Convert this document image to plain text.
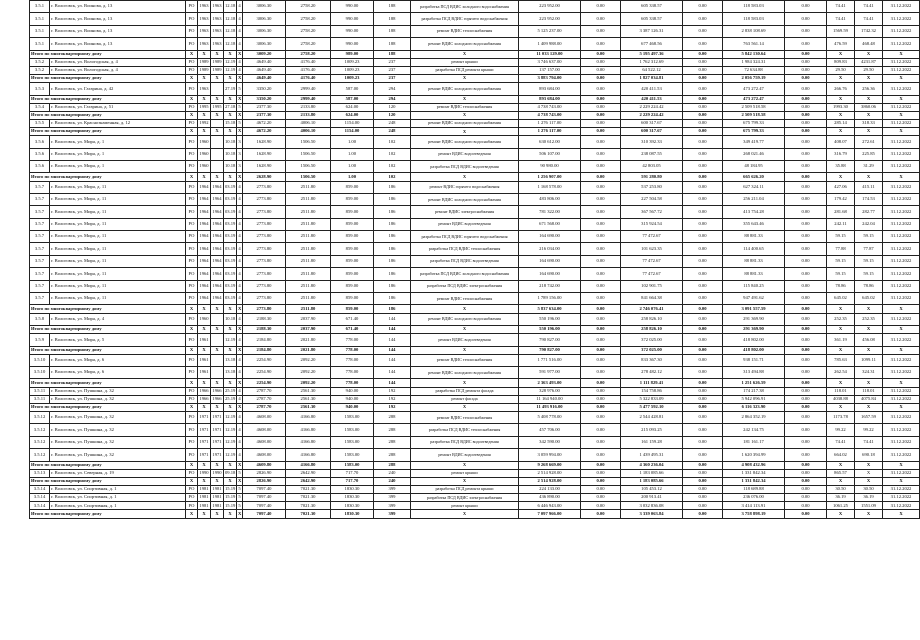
3.5.1	г. Вологовск, ул. Воинова, д. 13	РО	1963	1963	12.18	4	3006.30	2758.20	990.00	188	разработка ПСД ВДИС холодного водоснабжения	223 952.00	0.00	605 338.57	0.00	118 583.03	0.00	74.41	74.41	31.12.2022
3.5.1	г. Вологовск, ул. Воинова, д. 13	РО	1963	1963	12.18	4	3006.30	2758.20	990.00	188	разработка ПСД ВДИС горячего водоснабжения	223 952.00	0.00	605 338.57	0.00	118 583.03	0.00	74.41	74.41	31.12.2022
3.5.1	г. Вологовск, ул. Воинова, д. 13	РО	1963	1963	12.18	4	3006.30	2758.20	990.00	188	ремонт ВДИС теплоснабжения	5 125 237.00	0.00	3 387 126.31	0.00	2 838 108.69	0.00	1569.59	1742.32	31.12.2022
3.5.1	г. Вологовск, ул. Воинова, д. 13	РО	1963	1963	12.18	4	3006.30	2758.20	990.00	188	ремонт ВДИС холодного водоснабжения	1 409 988.00	0.00	677 468.56	0.00	763 561.14	0.00	476.59	468.48	31.12.2022
Итого по многоквартирному дому		X	X	X	X	X	3009.20	2758.20	989.00	188	X	11 033 129.00	0.00	5 195 497.36	0.00	5 842 130.64	0.00	X	X	X
3.5.2	г. Вологовск, ул. Вологодская, д. 4	РО	1989	1989	12.19	4	4649.40	4176.40	1009.23	237	ремонт крыши	3 746 637.00	0.00	1 762 312.69	0.00	1 984 324.31	0.00	809.83	4231.87	31.12.2022
3.5.2	г. Вологовск, ул. Вологодская, д. 4	РО	1989	1989	12.19	4	4649.40	4176.40	1009.23	237	разработка ПСД ремонта крыши	137 157.00	0.00	64 522.12	0.00	72 634.88	0.00	29.50	29.50	31.12.2022
Итого по многоквартирному дому		X	X	X	X	X	4649.40	4176.40	1009.23	237	X	3 883 794.00	0.00	1 827 034.81	0.00	2 056 759.19	0.00	X	X	X
3.5.3	г. Вологовск, ул. Гагарина, д. 42	РО	1963		27.19	5	3350.20	2999.40	587.00	294	ремонт ВДИС холодного водоснабжения	893 684.00	0.00	420 411.53	0.00	473 272.47	0.00	266.76	256.36	31.12.2022
Итого по многоквартирному дому		X	X	X	X	X	3350.20	2999.40	587.00	294	X	893 684.00	0.00	420 411.53	0.00	473 272.47	0.00	X	X	X
3.5.4	г. Вологовск, ул. Гагарина, д. 51	РО	1995	1995	27.18	5	2377.30	2133.80	624.00	120	ремонт ВДИС теплоснабжения	4 738 743.00	0.00	2 229 224.42	0.00	2 509 518.58	0.00	1993.30	3860.06	31.12.2022
Итого по многоквартирному дому		X	X	X	X	X	2377.30	2133.80	624.00	120	X	4 738 743.00	0.00	2 229 224.42	0.00	2 509 518.58	0.00	X	X	X
3.5.5	г. Вологовск, ул. Краснознаменная, д. 12	РО	1992		15.18	5	4672.20	4006.10	1154.00	248	ремонт ВДИС холодного водоснабжения	1 276 117.00	0.00	600 317.67	0.00	675 799.33	0.00	285.14	318.33	31.12.2022
Итого по многоквартирному дому		X	X	X	X	X	4672.20	4006.10	1154.00	248	X	1 276 117.00	0.00	600 317.67	0.00	675 799.33	0.00	X	X	X
3.5.6	г. Вологовск, ул. Мира, д. 1	РО	1960		10.18	3	1628.90	1506.50	1.00	102	ремонт ВДИС холодного водоснабжения	630 612.00	0.00	310 392.33	0.00	349 419.77	0.00	408.07	272.61	31.12.2022
3.5.6	г. Вологовск, ул. Мира, д. 1	РО	1960		10.18	3	1628.90	1506.50	1.00	102	ремонт ВДИС водоотведения	506 107.00	0.00	238 087.55	0.00	268 021.46	0.00	316.79	225.85	31.12.2022
3.5.6	г. Вологовск, ул. Мира, д. 1	РО	1960		10.18	3	1628.90	1506.50	1.00	102	разработка ПСД ВДИС водоотведения	90 980.00	0.00	42 803.05	0.00	48 184.95	0.00	35.88	31.29	31.12.2022
Итого по многоквартирному дому		X	X	X	X	X	2628.90	1506.50	1.00	102	X	1 256 907.00	0.00	591 280.80	0.00	665 626.20	0.00	X	X	X
3.5.7	г. Вологовск, ул. Мира, д. 11	РО	1964	1964	03.19	4	2773.80	2511.80	859.00	186	ремонт ВДИС горячего водоснабжения	1 168 578.00	0.00	537 253.80	0.00	627 324.11	0.00	427.06	415.11	31.12.2022
3.5.7	г. Вологовск, ул. Мира, д. 11	РО	1964	1964	03.19	4	2773.80	2511.80	859.00	186	ремонт ВДИС холодного водоснабжения	483 806.00	0.00	227 504.58	0.00	256 211.04	0.00	179.42	174.53	31.12.2022
3.5.7	г. Вологовск, ул. Мира, д. 11	РО	1964	1964	03.19	4	2773.80	2511.80	859.00	186	ремонт ВДИС электроснабжения	781 322.00	0.00	367 567.72	0.00	413 754.28	0.00	281.68	282.77	31.12.2022
3.5.7	г. Вологовск, ул. Мира, д. 11	РО	1964	1964	03.19	4	2773.80	2511.80	859.00	186	ремонт ВДИС водоотведения	671 568.00	0.00	315 924.54	0.00	355 643.46	0.00	242.11	242.04	31.12.2022
3.5.7	г. Вологовск, ул. Мира, д. 11	РО	1964	1964	03.19	4	2773.80	2511.80	859.00	186	разработка ПСД ВДИС горячего водоснабжения	164 690.00	0.00	77 472.67	0.00	88 881.33	0.00	59.15	59.15	31.12.2022
3.5.7	г. Вологовск, ул. Мира, д. 11	РО	1964	1964	03.19	4	2773.80	2511.80	859.00	186	разработка ПСД ВДИС теплоснабжения	216 034.00	0.00	101 623.35	0.00	114 400.65	0.00	77.88	77.87	31.12.2022
3.5.7	г. Вологовск, ул. Мира, д. 11	РО	1964	1964	03.19	4	2773.80	2511.80	859.00	186	разработка ПСД ВДИС водоотведения	164 690.00	0.00	77 472.67	0.00	88 881.33	0.00	59.15	59.15	31.12.2022
3.5.7	г. Вологовск, ул. Мира, д. 11	РО	1964	1964	03.19	4	2773.80	2511.80	859.00	186	разработка ПСД ВДИС холодного водоснабжения	164 690.00	0.00	77 472.67	0.00	88 881.33	0.00	59.15	59.15	31.12.2022
3.5.7	г. Вологовск, ул. Мира, д. 11	РО	1964	1964	03.19	4	2773.80	2511.80	859.00	186	разработка ПСД ВДИС электроснабжения	218 742.00	0.00	102 901.75	0.00	115 840.25	0.00	78.86	78.86	31.12.2022
3.5.7	г. Вологовск, ул. Мира, д. 11	РО	1964	1964	03.19	4	2773.80	2511.80	859.00	186	ремонт ВДИС теплоснабжения	1 789 156.00	0.00	841 664.38	0.00	947 491.62	0.00	645.02	645.02	31.12.2022
Итого по многоквартирному дому		X	X	X	X	X	2773.80	2511.80	859.00	186	X	5 837 634.00	0.00	2 746 076.41	0.00	3 091 557.59	0.00	X	X	X
3.5.8	г. Вологовск, ул. Мира, д. 4	РО	1960		10.18	4	2188.30	2037.90	671.40	144	ремонт ВДИС холодного водоснабжения	550 196.00	0.00	258 826.10	0.00	291 369.90	0.00	252.35	252.35	31.12.2022
Итого по многоквартирному дому		X	X	X	X	X	2188.30	2037.90	671.40	144	X	550 196.00	0.00	258 826.10	0.00	291 369.90	0.00	X	X	X
3.5.9	г. Вологовск, ул. Мира, д. 5	РО	1961		12.19	4	2184.80	2021.80	778.00	144	ремонт ВДИС водоотведения	790 827.00	0.00	372 025.00	0.00	418 802.00	0.00	361.19	456.08	31.12.2022
Итого по многоквартирному дому		X	X	X	X	X	2184.80	2021.80	778.00	144	X	790 827.00	0.00	372 025.00	0.00	418 802.00	0.00	X	X	X
3.5.10	г. Вологовск, ул. Мира, д. 6	РО	1961		13.18	4	2254.90	2092.20	778.00	144	ремонт ВДИС теплоснабжения	1 771 516.00	0.00	833 367.30	0.00	938 151.71	0.00	785.63	1099.11	31.12.2022
3.5.10	г. Вологовск, ул. Мира, д. 6	РО	1961		13.18	4	2254.90	2092.20	778.00	144	ремонт ВДИС холодного водоснабжения	591 977.00	0.00	278 482.12	0.00	313 494.88	0.00	262.54	324.31	31.12.2022
Итого по многоквартирному дому		X	X	X	X	X	2254.90	2092.20	778.00	144	X	2 363 493.00	0.00	1 111 829.41	0.00	1 251 626.59	0.00	X	X	X
3.5.11	г. Вологовск, ул. Пушкина, д. 32	РО	1966	1966	25.19	4	2787.70	2561.30	940.00	192	разработка ПСД ремонта фасада	328 976.00	0.00	154 758.86	0.00	174 217.38	0.00	118.01	118.01	31.12.2022
3.5.11	г. Вологовск, ул. Пушкина, д. 32	РО	1966	1966	25.19	4	2787.70	2561.30	940.00	192	ремонт фасада	11 164 940.00	0.00	5 322 833.09	0.00	5 942 096.91	0.00	4038.88	4075.84	31.12.2022
Итого по многоквартирному дому		X	X	X	X	X	2787.70	2561.30	940.00	192	X	11 493 916.00	0.00	5 477 592.10	0.00	6 116 323.90	0.00	X	X	X
3.5.12	г. Вологовск, ул. Пушкина, д. 32	РО	1971	1971	12.19	4	4608.00	4166.80	1583.00	288	ремонт ВДИС теплоснабжения	5 408 778.00	0.00	2 544 428.81	0.00	2 864 352.19	0.00	1173.78	1657.59	31.12.2022
3.5.12	г. Вологовск, ул. Пушкина, д. 32	РО	1971	1971	12.19	4	4608.00	4166.80	1583.00	288	разработка ПСД ВДИС теплоснабжения	457 706.00	0.00	215 093.25	0.00	242 134.75	0.00	99.22	99.22	31.12.2022
3.5.12	г. Вологовск, ул. Пушкина, д. 32	РО	1971	1971	12.19	4	4608.00	4166.80	1583.00	288	разработка ПСД ВДИС водоотведения	342 590.00	0.00	161 159.28	0.00	181 161.17	0.00	74.41	74.41	31.12.2022
3.5.12	г. Вологовск, ул. Пушкина, д. 32	РО	1971	1971	12.19	4	4608.00	4166.80	1583.00	288	ремонт ВДИС водоотведения	3 059 994.00	0.00	1 439 495.31	0.00	1 620 394.99	0.00	664.02	690.18	31.12.2022
Итого по многоквартирному дому		X	X	X	X	X	4609.80	4166.80	1583.00	288	X	9 268 669.00	0.00	4 360 236.04	0.00	4 908 432.96	0.00	X	X	X
3.5.13	г. Вологовск, ул. Северная, д. 19	РО	1990	1990	09.18	5	2826.90	2642.90	717.70	240	ремонт крыши	2 514 928.00	0.00	1 183 085.66	0.00	1 331 842.34	0.00	865.57	X	31.12.2022
Итого по многоквартирному дому		X	X	X	X	X	2826.90	2642.90	717.70	240	X	2 514 928.00	0.00	1 183 085.66	0.00	1 331 842.34	0.00	X	X	X
3.5.14	г. Вологовск, ул. Спортивная, д. 1	РО	1981	1981	15.19	5	7097.40	7021.30	1830.30	399	разработка ПСД ремонта крыши	224 133.00	0.00	105 453.12	0.00	118 689.88	0.00	30.50	30.50	31.12.2022
3.5.14	г. Вологовск, ул. Спортивная, д. 1	РО	1981	1981	15.19	5	7097.40	7021.30	1830.30	399	разработка ПСД ВДИС электроснабжения	436 890.00	0.00	200 913.41	0.00	236 076.00	0.00	36.19	36.19	31.12.2022
3.5.14	г. Вологовск, ул. Спортивная, д. 1	РО	1981	1981	15.19	5	7097.40	7021.30	1830.30	399	ремонт крыши	6 446 943.00	0.00	3 032 836.08	0.00	3 414 113.91	0.00	1061.25	1551.09	31.12.2022
Итого по многоквартирному дому		X	X	X	X	X	7097.40	7021.30	1830.30	399	X	7 097 966.00	0.00	3 339 063.84	0.00	3 758 898.19	0.00	X	X	X
